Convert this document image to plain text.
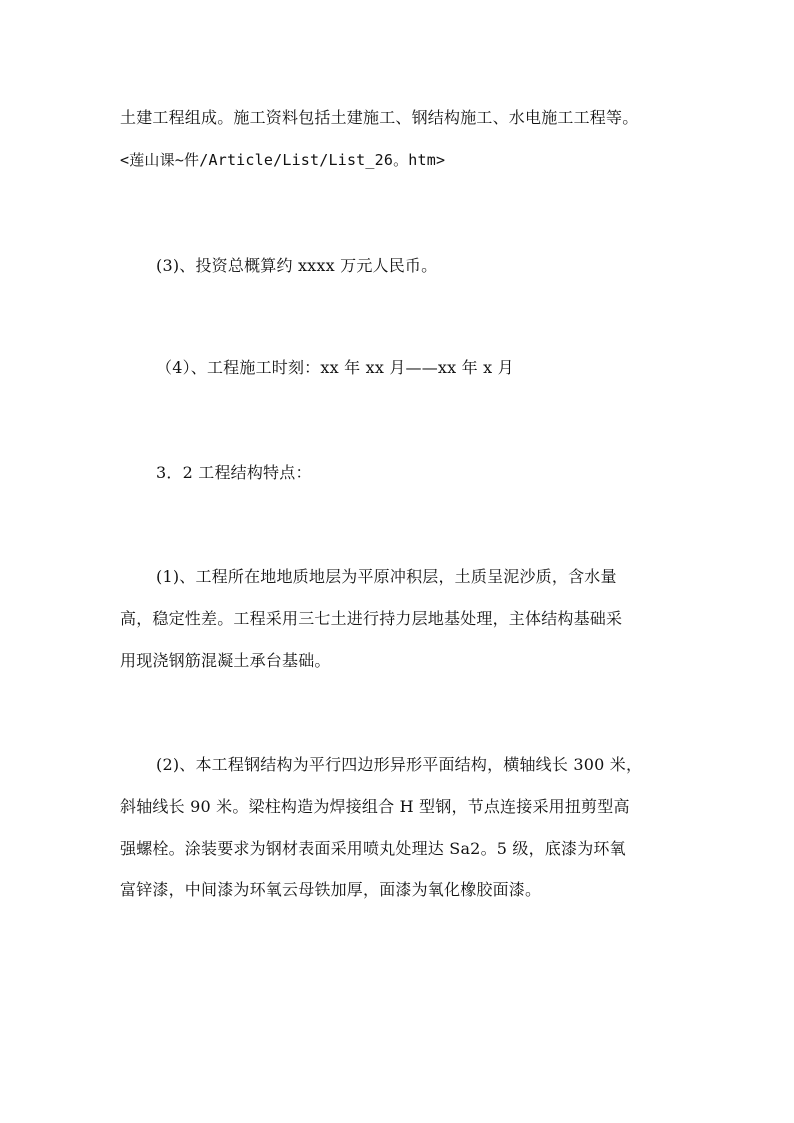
土建工程组成。施工资料包括土建施工、钢结构施工、水电施工工程等。
<莲山课~件/Article/List/List_26。htm>
(3)、投资总概算约 xxxx 万元人民币。
（4）、工程施工时刻：xx 年 xx 月——xx 年 x 月
3．2 工程结构特点：
(1)、工程所在地地质地层为平原冲积层，土质呈泥沙质，含水量
高，稳定性差。工程采用三七土进行持力层地基处理，主体结构基础采
用现浇钢筋混凝土承台基础。
(2)、本工程钢结构为平行四边形异形平面结构，横轴线长 300 米，
斜轴线长 90 米。梁柱构造为焊接组合 H 型钢，节点连接采用扭剪型高
强螺栓。涂装要求为钢材表面采用喷丸处理达 Sa2。5 级，底漆为环氧
富锌漆，中间漆为环氧云母铁加厚，面漆为氧化橡胶面漆。
